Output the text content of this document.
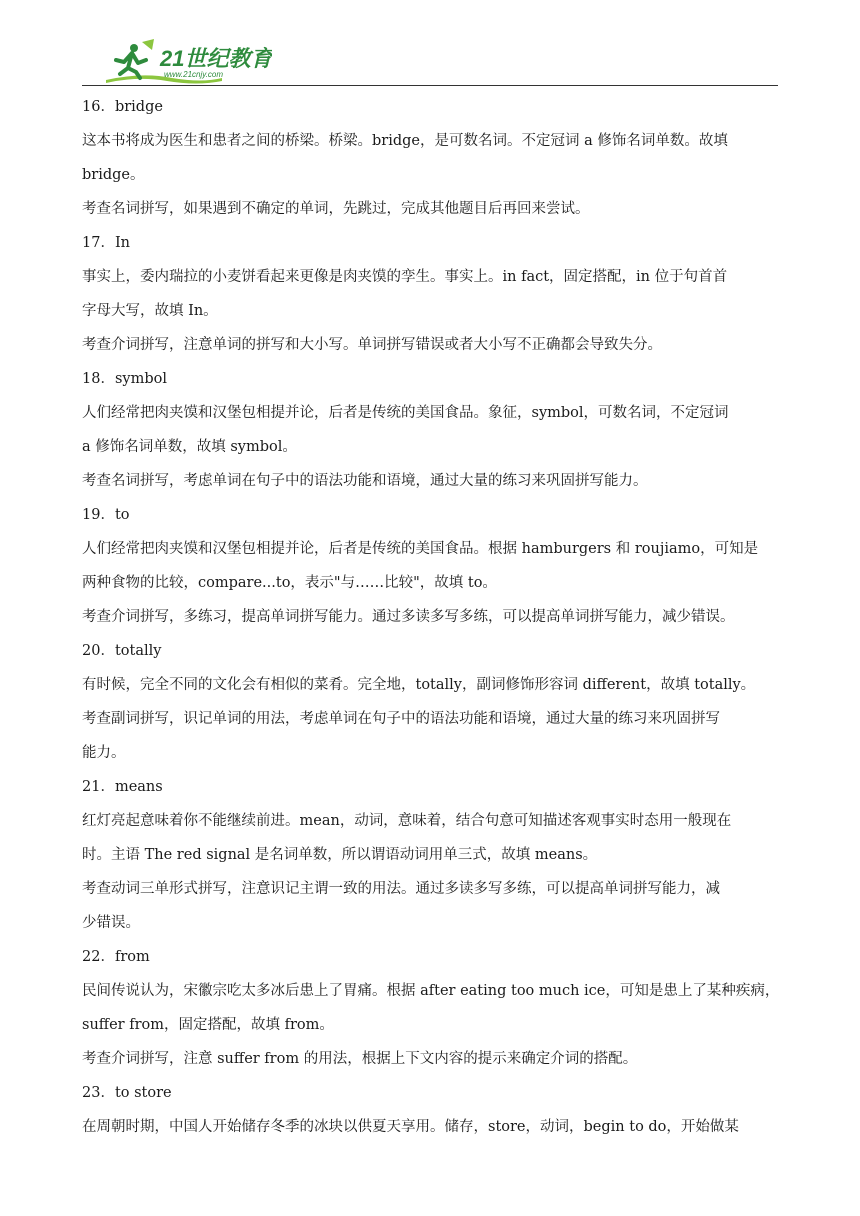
21世纪教育
www.21cnjy.com
16．bridge
这本书将成为医生和患者之间的桥梁。桥梁。bridge，是可数名词。不定冠词 a 修饰名词单数。故填
bridge。
考查名词拼写，如果遇到不确定的单词，先跳过，完成其他题目后再回来尝试。
17．In
事实上，委内瑞拉的小麦饼看起来更像是肉夹馍的孪生。事实上。in fact，固定搭配，in 位于句首首
字母大写，故填 In。
考查介词拼写，注意单词的拼写和大小写。单词拼写错误或者大小写不正确都会导致失分。
18．symbol
人们经常把肉夹馍和汉堡包相提并论，后者是传统的美国食品。象征，symbol，可数名词，不定冠词
a 修饰名词单数，故填 symbol。
考查名词拼写，考虑单词在句子中的语法功能和语境，通过大量的练习来巩固拼写能力。
19．to
人们经常把肉夹馍和汉堡包相提并论，后者是传统的美国食品。根据 hamburgers 和 roujiamo，可知是
两种食物的比较，compare...to，表示"与……比较"，故填 to。
考查介词拼写，多练习，提高单词拼写能力。通过多读多写多练，可以提高单词拼写能力，减少错误。
20．totally
有时候，完全不同的文化会有相似的菜肴。完全地，totally，副词修饰形容词 different，故填 totally。
考查副词拼写，识记单词的用法，考虑单词在句子中的语法功能和语境，通过大量的练习来巩固拼写
能力。
21．means
红灯亮起意味着你不能继续前进。mean，动词，意味着，结合句意可知描述客观事实时态用一般现在
时。主语 The red signal 是名词单数，所以谓语动词用单三式，故填 means。
考查动词三单形式拼写，注意识记主谓一致的用法。通过多读多写多练，可以提高单词拼写能力，减
少错误。
22．from
民间传说认为，宋徽宗吃太多冰后患上了胃痛。根据 after eating too much ice，可知是患上了某种疾病，
suffer from，固定搭配，故填 from。
考查介词拼写，注意 suffer from 的用法，根据上下文内容的提示来确定介词的搭配。
23．to store
在周朝时期，中国人开始储存冬季的冰块以供夏天享用。储存，store，动词，begin to do，开始做某
